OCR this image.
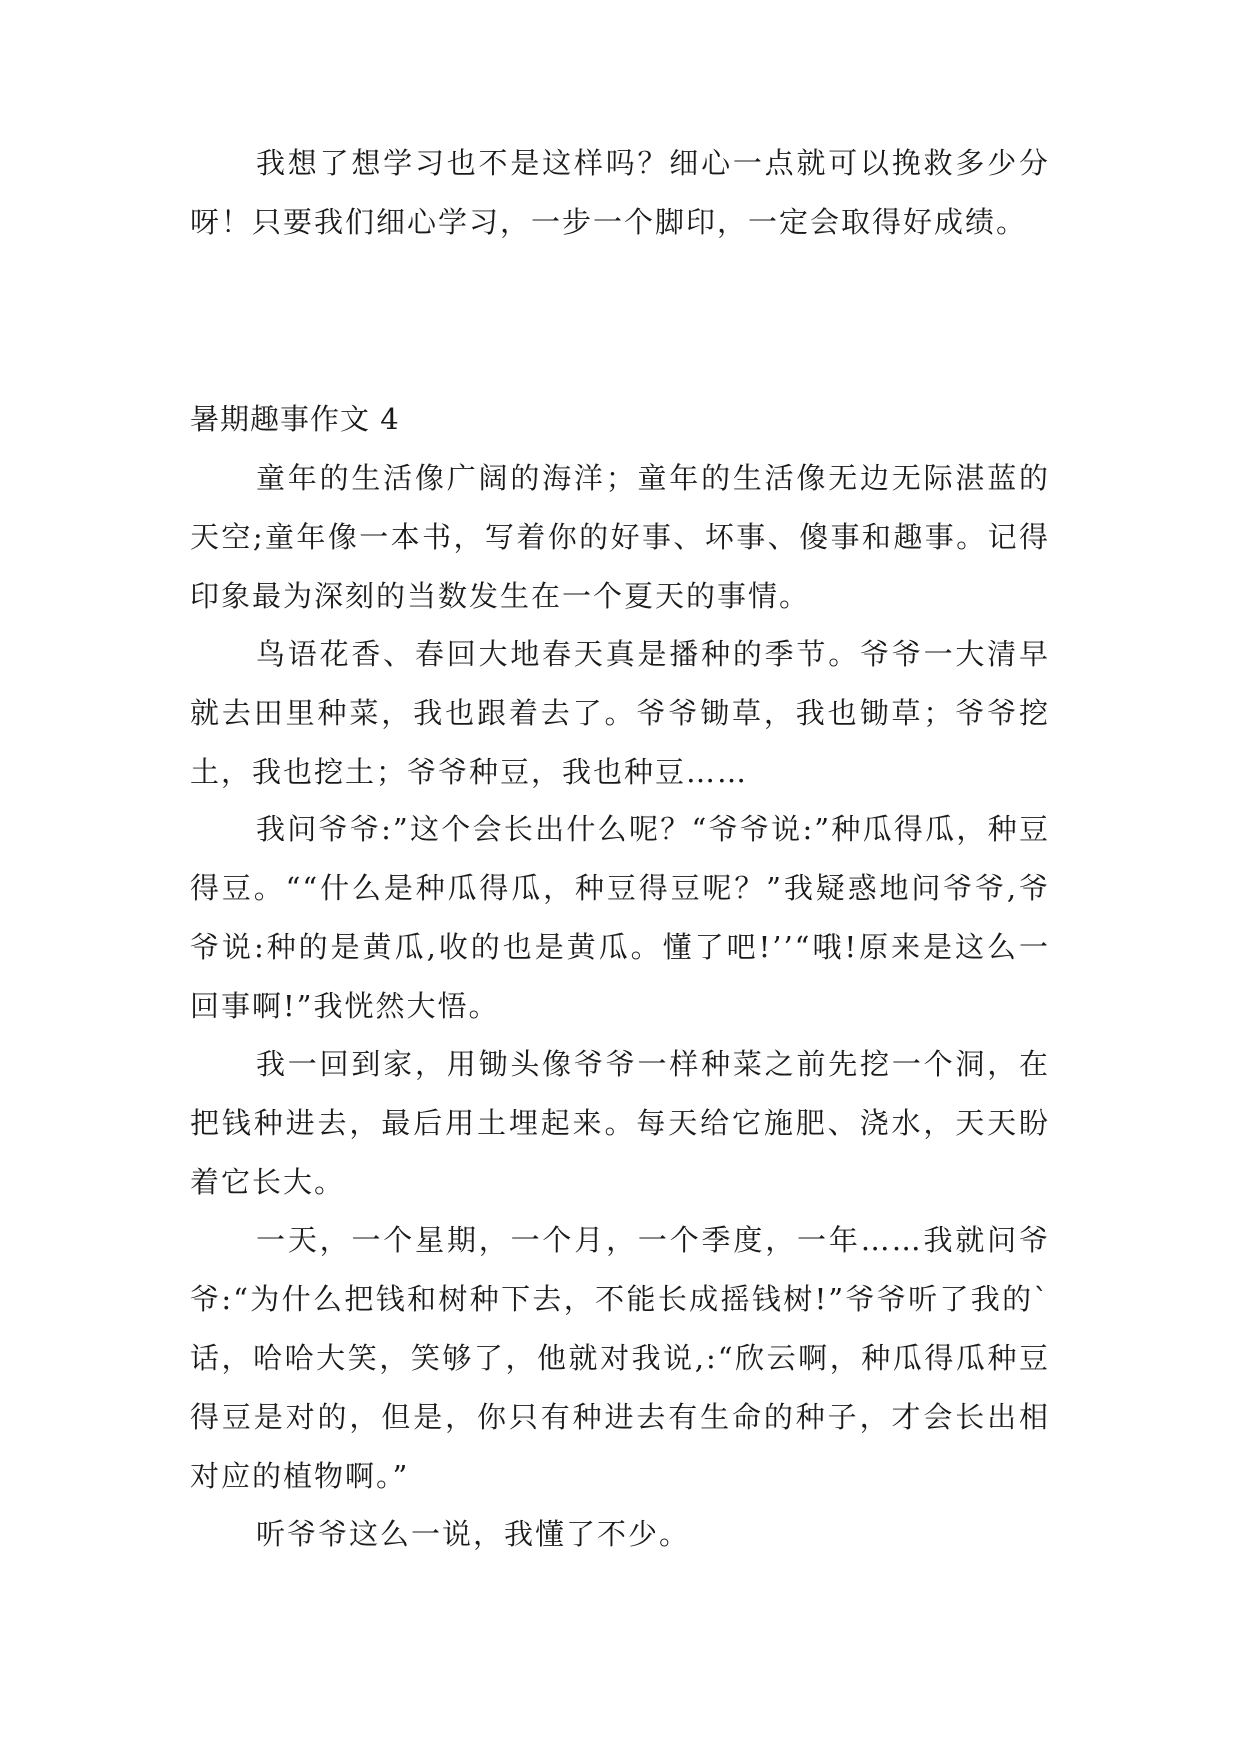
我想了想学习也不是这样吗？细心一点就可以挽救多少分呀！只要我们细心学习，一步一个脚印，一定会取得好成绩。

暑期趣事作文 4

童年的生活像广阔的海洋；童年的生活像无边无际湛蓝的天空;童年像一本书，写着你的好事、坏事、傻事和趣事。记得印象最为深刻的当数发生在一个夏天的事情。

鸟语花香、春回大地春天真是播种的季节。爷爷一大清早就去田里种菜，我也跟着去了。爷爷锄草，我也锄草；爷爷挖土，我也挖土；爷爷种豆，我也种豆……

我问爷爷:”这个会长出什么呢？“爷爷说:”种瓜得瓜，种豆得豆。““什么是种瓜得瓜，种豆得豆呢？”我疑惑地问爷爷,爷爷说:种的是黄瓜,收的也是黄瓜。懂了吧!’’“哦!原来是这么一回事啊!”我恍然大悟。

我一回到家，用锄头像爷爷一样种菜之前先挖一个洞，在把钱种进去，最后用土埋起来。每天给它施肥、浇水，天天盼着它长大。

一天，一个星期，一个月，一个季度，一年……我就问爷爷:“为什么把钱和树种下去，不能长成摇钱树!”爷爷听了我的`话，哈哈大笑，笑够了，他就对我说,:“欣云啊，种瓜得瓜种豆得豆是对的，但是，你只有种进去有生命的种子，才会长出相对应的植物啊。”

听爷爷这么一说，我懂了不少。
